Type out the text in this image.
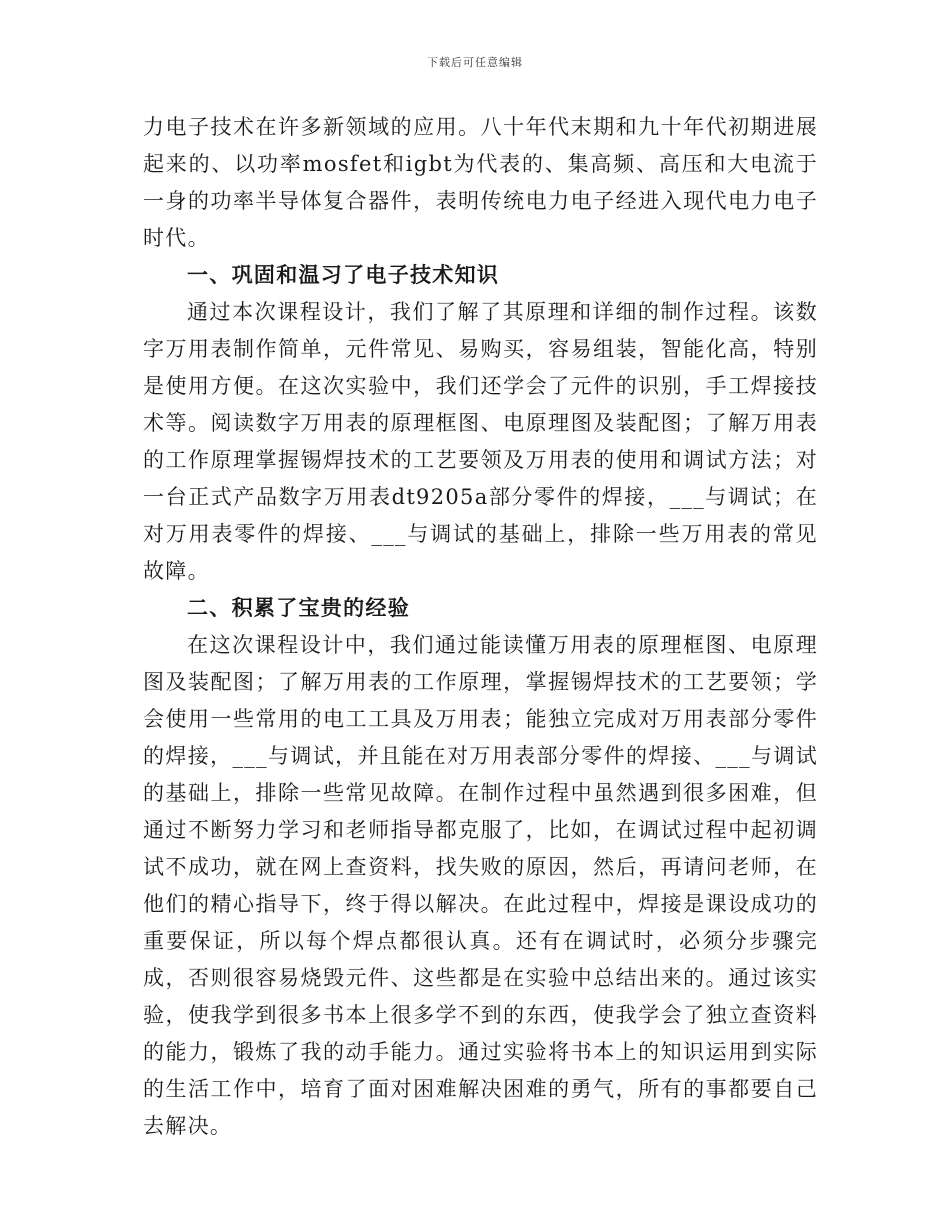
下载后可任意编辑

力电子技术在许多新领域的应用。八十年代末期和九十年代初期进展起来的、以功率mosfet和igbt为代表的、集高频、高压和大电流于一身的功率半导体复合器件，表明传统电力电子经进入现代电力电子时代。

一、巩固和温习了电子技术知识

通过本次课程设计，我们了解了其原理和详细的制作过程。该数字万用表制作简单，元件常见、易购买，容易组装，智能化高，特别是使用方便。在这次实验中，我们还学会了元件的识别，手工焊接技术等。阅读数字万用表的原理框图、电原理图及装配图；了解万用表的工作原理掌握锡焊技术的工艺要领及万用表的使用和调试方法；对一台正式产品数字万用表dt9205a部分零件的焊接，___与调试；在对万用表零件的焊接、___与调试的基础上，排除一些万用表的常见故障。

二、积累了宝贵的经验

在这次课程设计中，我们通过能读懂万用表的原理框图、电原理图及装配图；了解万用表的工作原理，掌握锡焊技术的工艺要领；学会使用一些常用的电工工具及万用表；能独立完成对万用表部分零件的焊接，___与调试，并且能在对万用表部分零件的焊接、___与调试的基础上，排除一些常见故障。在制作过程中虽然遇到很多困难，但通过不断努力学习和老师指导都克服了，比如，在调试过程中起初调试不成功，就在网上查资料，找失败的原因，然后，再请问老师，在他们的精心指导下，终于得以解决。在此过程中，焊接是课设成功的重要保证，所以每个焊点都很认真。还有在调试时，必须分步骤完成，否则很容易烧毁元件、这些都是在实验中总结出来的。通过该实验，使我学到很多书本上很多学不到的东西，使我学会了独立查资料的能力，锻炼了我的动手能力。通过实验将书本上的知识运用到实际的生活工作中，培育了面对困难解决困难的勇气，所有的事都要自己去解决。
